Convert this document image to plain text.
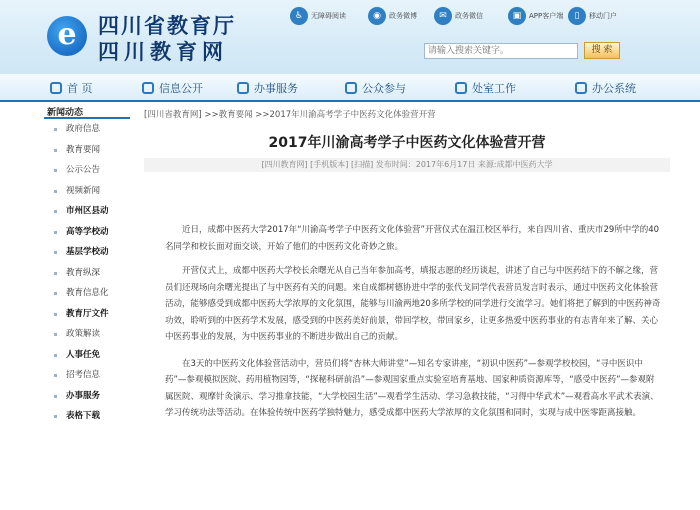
e	四川省教育厅
四川教育网
♿ 无障碍阅读	◉ 政务微博	✉ 政务微信	▣ APP客户端	▯ 移动门户
请输入搜索关键字。
搜 索
首 页	信息公开	办事服务	公众参与	处室工作	办公系统
新闻动态
政府信息
教育要闻
公示公告
视频新闻
市州区县动
高等学校动
基层学校动
教育纵深
教育信息化
教育厅文件
政策解读
人事任免
招考信息
办事服务
表格下载
[四川省教育网] >>教育要闻 >>2017年川渝高考学子中医药文化体验营开营
2017年川渝高考学子中医药文化体验营开营
[四川教育网] [手机版本] [扫描] 发布时间：2017年6月17日 来源:成都中医药大学

近日，成都中医药大学2017年“川渝高考学子中医药文化体验营”开营仪式在温江校区举行，来自四川省、重庆市29所中学的40名同学和校长面对面交谈，开始了他们的中医药文化奇妙之旅。

开营仪式上，成都中医药大学校长余曙光从自己当年参加高考，填报志愿的经历谈起，讲述了自己与中医药结下的不解之缘，营员们还现场向余曙光提出了与中医药有关的问题。来自成都树德协进中学的张代戈同学代表营员发言时表示，通过中医药文化体验营活动，能够感受到成都中医药大学浓厚的文化氛围，能够与川渝两地20多所学校的同学进行交流学习。她们将把了解到的中医药神奇功效，聆听到的中医药学术发展，感受到的中医药美好前景，带回学校，带回家乡，让更多热爱中医药事业的有志青年来了解、关心中医药事业的发展，为中医药事业的不断进步做出自己的贡献。

在3天的中医药文化体验营活动中，营员们将“杏林大师讲堂”—知名专家讲座，“初识中医药”—参观学校校园，“寻中医识中药”—参观模拟医院、药用植物园等，“探秘科研前沿”—参观国家重点实验室培育基地、国家种质资源库等，“感受中医药”—参观附属医院、观摩针灸演示、学习推拿技能，“大学校园生活”—观看学生活动、学习急救技能，“习得中华武术”—观看高水平武术表演、学习传统功法等活动。在体验传统中医药学独特魅力，感受成都中医药大学浓厚的文化氛围和同时，实现与成中医零距离接触。
